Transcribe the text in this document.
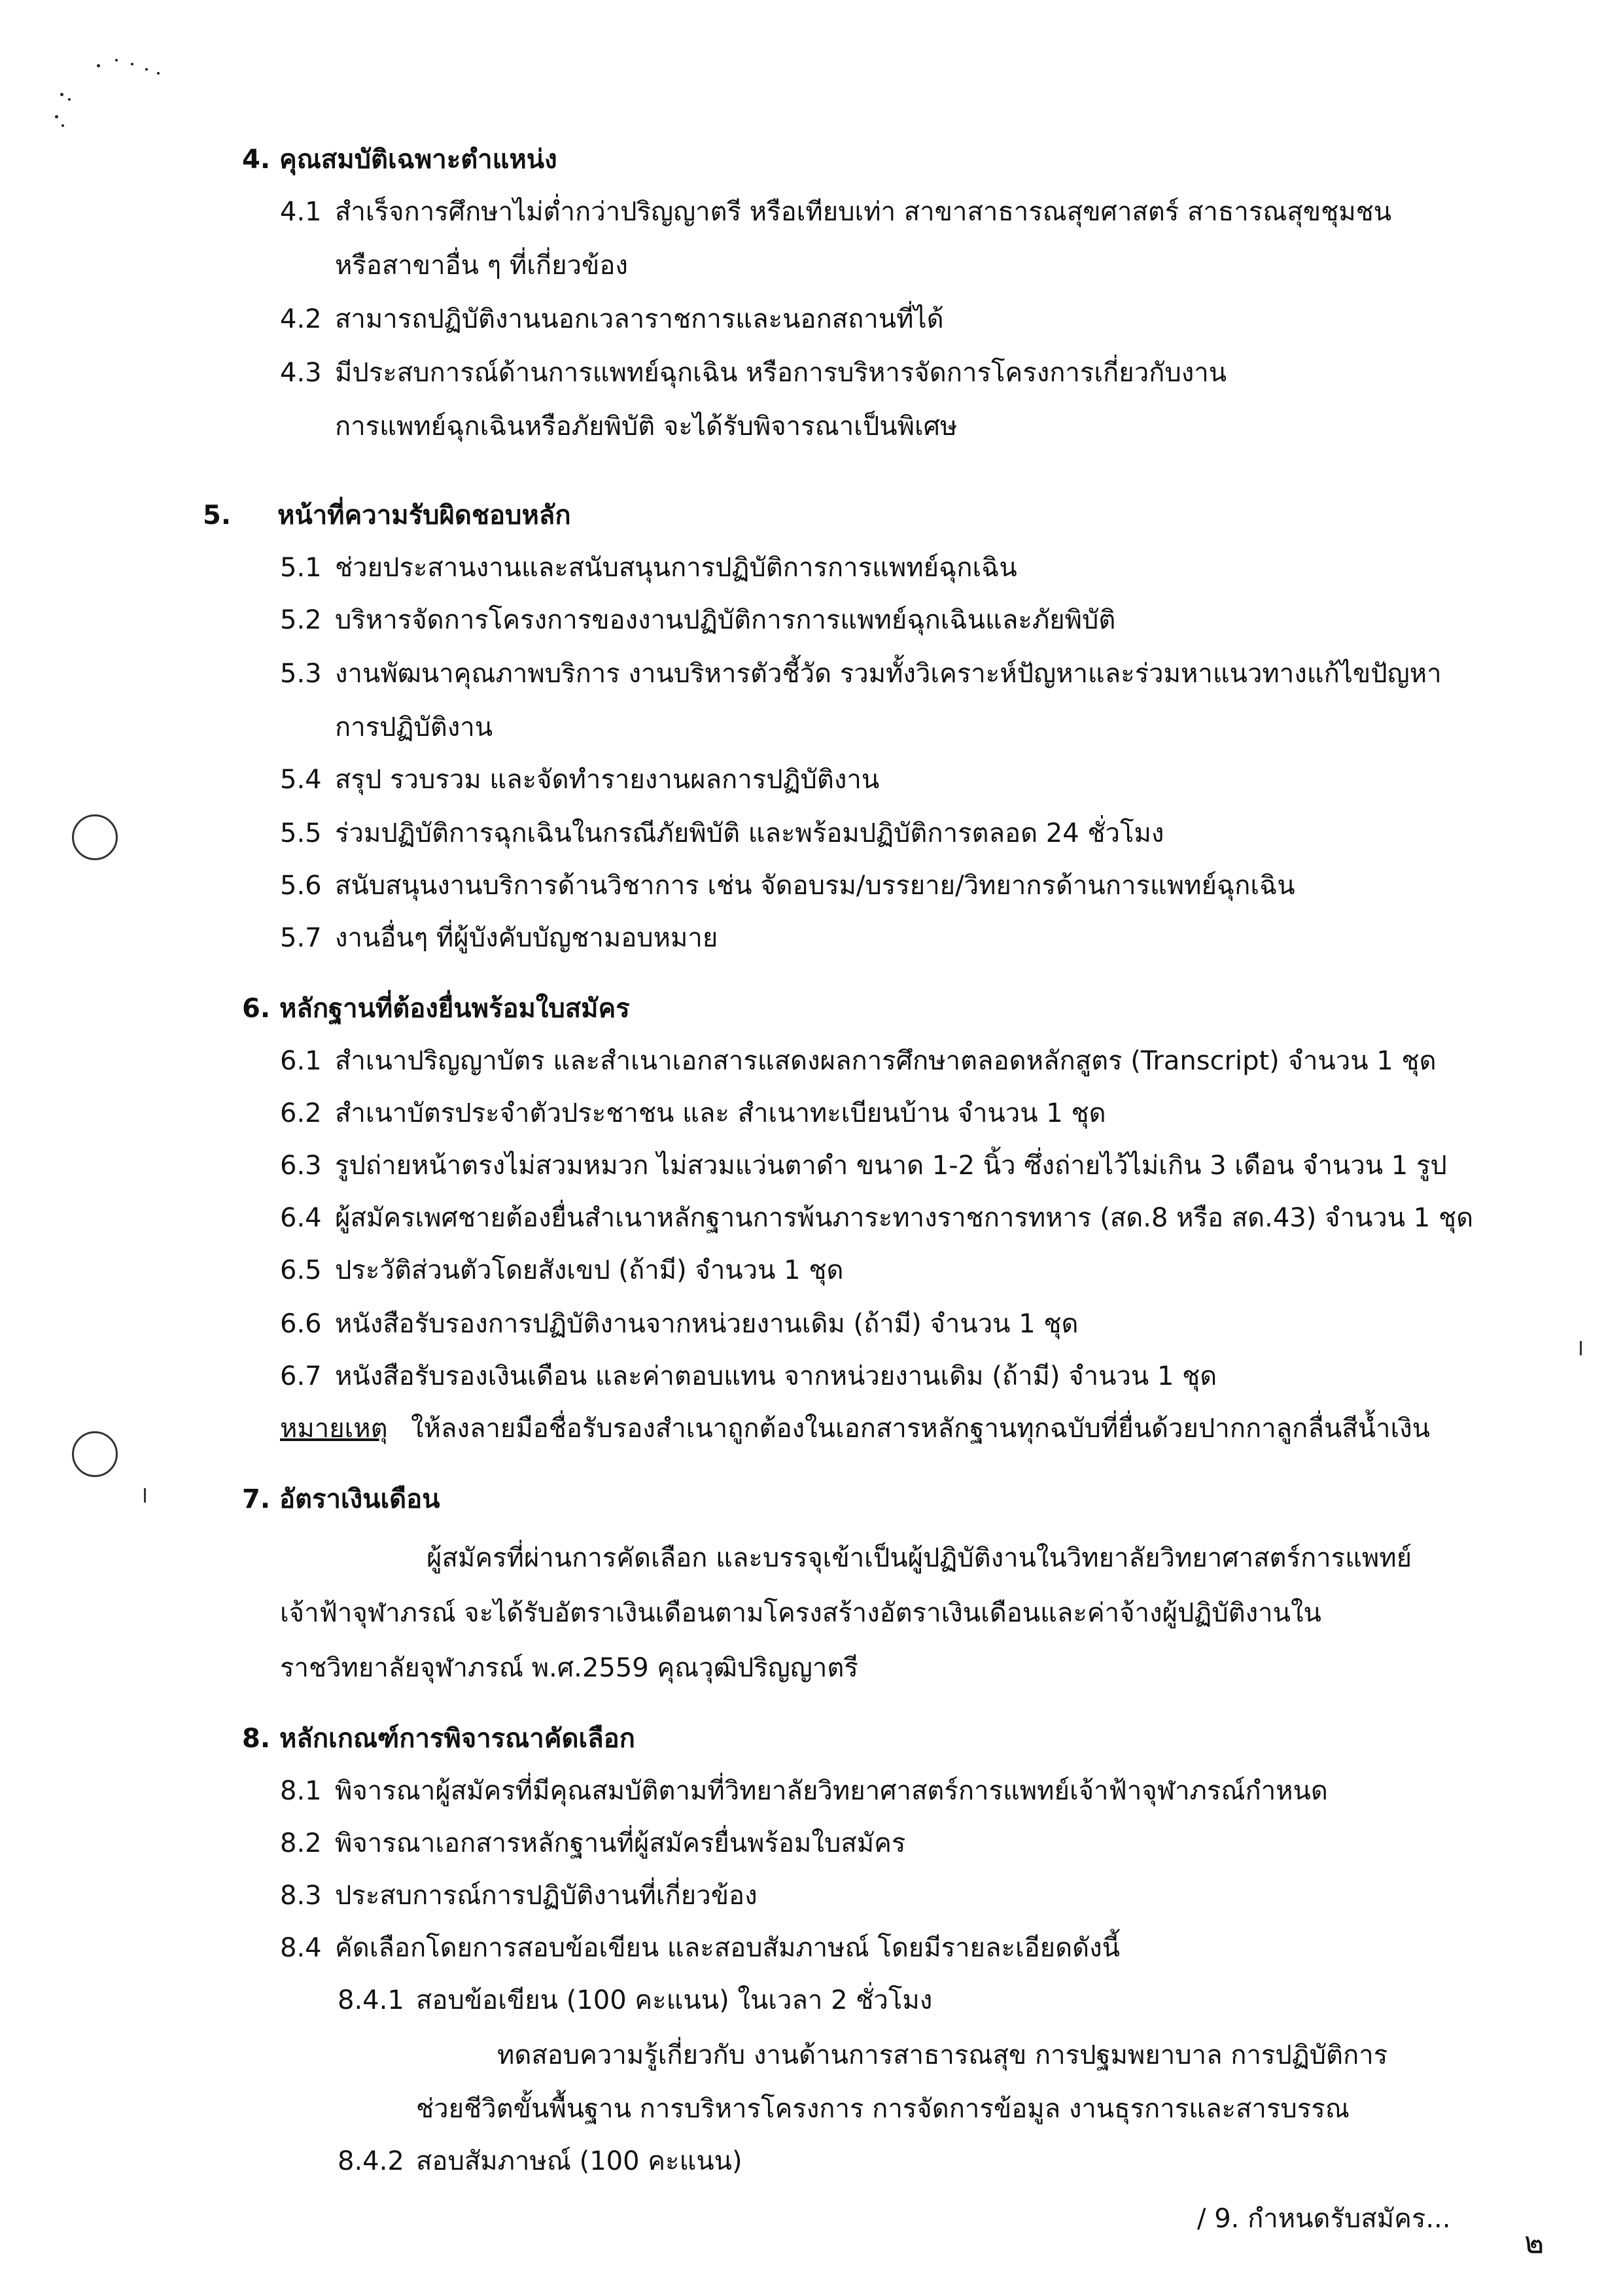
4. คุณสมบัติเฉพาะตำแหน่ง
4.1 สำเร็จการศึกษาไม่ต่ำกว่าปริญญาตรี หรือเทียบเท่า สาขาสาธารณสุขศาสตร์ สาธารณสุขชุมชน
หรือสาขาอื่น ๆ ที่เกี่ยวข้อง
4.2 สามารถปฏิบัติงานนอกเวลาราชการและนอกสถานที่ได้
4.3 มีประสบการณ์ด้านการแพทย์ฉุกเฉิน หรือการบริหารจัดการโครงการเกี่ยวกับงาน
การแพทย์ฉุกเฉินหรือภัยพิบัติ จะได้รับพิจารณาเป็นพิเศษ
5. หน้าที่ความรับผิดชอบหลัก
5.1 ช่วยประสานงานและสนับสนุนการปฏิบัติการการแพทย์ฉุกเฉิน
5.2 บริหารจัดการโครงการของงานปฏิบัติการการแพทย์ฉุกเฉินและภัยพิบัติ
5.3 งานพัฒนาคุณภาพบริการ งานบริหารตัวชี้วัด รวมทั้งวิเคราะห์ปัญหาและร่วมหาแนวทางแก้ไขปัญหา
การปฏิบัติงาน
5.4 สรุป รวบรวม และจัดทำรายงานผลการปฏิบัติงาน
5.5 ร่วมปฏิบัติการฉุกเฉินในกรณีภัยพิบัติ และพร้อมปฏิบัติการตลอด 24 ชั่วโมง
5.6 สนับสนุนงานบริการด้านวิชาการ เช่น จัดอบรม/บรรยาย/วิทยากรด้านการแพทย์ฉุกเฉิน
5.7 งานอื่นๆ ที่ผู้บังคับบัญชามอบหมาย
6. หลักฐานที่ต้องยื่นพร้อมใบสมัคร
6.1 สำเนาปริญญาบัตร และสำเนาเอกสารแสดงผลการศึกษาตลอดหลักสูตร (Transcript) จำนวน 1 ชุด
6.2 สำเนาบัตรประจำตัวประชาชน และ สำเนาทะเบียนบ้าน จำนวน 1 ชุด
6.3 รูปถ่ายหน้าตรงไม่สวมหมวก ไม่สวมแว่นตาดำ ขนาด 1-2 นิ้ว ซึ่งถ่ายไว้ไม่เกิน 3 เดือน จำนวน 1 รูป
6.4 ผู้สมัครเพศชายต้องยื่นสำเนาหลักฐานการพ้นภาระทางราชการทหาร (สด.8 หรือ สด.43) จำนวน 1 ชุด
6.5 ประวัติส่วนตัวโดยสังเขป (ถ้ามี) จำนวน 1 ชุด
6.6 หนังสือรับรองการปฏิบัติงานจากหน่วยงานเดิม (ถ้ามี) จำนวน 1 ชุด
6.7 หนังสือรับรองเงินเดือน และค่าตอบแทน จากหน่วยงานเดิม (ถ้ามี) จำนวน 1 ชุด
หมายเหตุ ให้ลงลายมือชื่อรับรองสำเนาถูกต้องในเอกสารหลักฐานทุกฉบับที่ยื่นด้วยปากกาลูกลื่นสีน้ำเงิน
7. อัตราเงินเดือน
ผู้สมัครที่ผ่านการคัดเลือก และบรรจุเข้าเป็นผู้ปฏิบัติงานในวิทยาลัยวิทยาศาสตร์การแพทย์
เจ้าฟ้าจุฬาภรณ์ จะได้รับอัตราเงินเดือนตามโครงสร้างอัตราเงินเดือนและค่าจ้างผู้ปฏิบัติงานใน
ราชวิทยาลัยจุฬาภรณ์ พ.ศ.2559 คุณวุฒิปริญญาตรี
8. หลักเกณฑ์การพิจารณาคัดเลือก
8.1 พิจารณาผู้สมัครที่มีคุณสมบัติตามที่วิทยาลัยวิทยาศาสตร์การแพทย์เจ้าฟ้าจุฬาภรณ์กำหนด
8.2 พิจารณาเอกสารหลักฐานที่ผู้สมัครยื่นพร้อมใบสมัคร
8.3 ประสบการณ์การปฏิบัติงานที่เกี่ยวข้อง
8.4 คัดเลือกโดยการสอบข้อเขียน และสอบสัมภาษณ์ โดยมีรายละเอียดดังนี้
8.4.1 สอบข้อเขียน (100 คะแนน) ในเวลา 2 ชั่วโมง
ทดสอบความรู้เกี่ยวกับ งานด้านการสาธารณสุข การปฐมพยาบาล การปฏิบัติการ
ช่วยชีวิตขั้นพื้นฐาน การบริหารโครงการ การจัดการข้อมูล งานธุรการและสารบรรณ
8.4.2 สอบสัมภาษณ์ (100 คะแนน)
/ 9. กำหนดรับสมัคร...
๒
